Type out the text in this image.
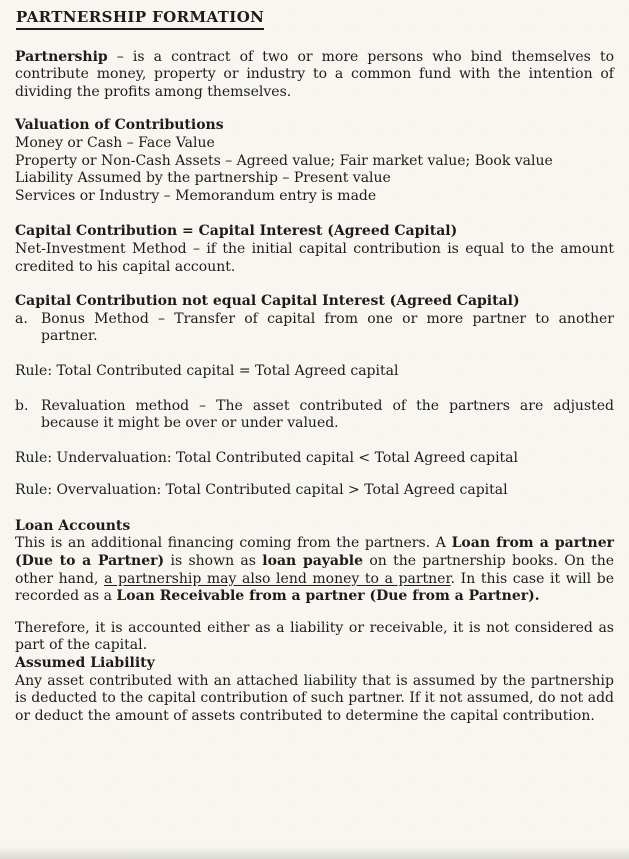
PARTNERSHIP FORMATION

Partnership – is a contract of two or more persons who bind themselves to contribute money, property or industry to a common fund with the intention of dividing the profits among themselves.

Valuation of Contributions
Money or Cash – Face Value
Property or Non-Cash Assets – Agreed value; Fair market value; Book value
Liability Assumed by the partnership – Present value
Services or Industry – Memorandum entry is made
Capital Contribution = Capital Interest (Agreed Capital)
Net-Investment Method – if the initial capital contribution is equal to the amount credited to his capital account.
Capital Contribution not equal Capital Interest (Agreed Capital)
a. Bonus Method – Transfer of capital from one or more partner to another partner.
Rule: Total Contributed capital = Total Agreed capital
b. Revaluation method – The asset contributed of the partners are adjusted because it might be over or under valued.
Rule: Undervaluation: Total Contributed capital < Total Agreed capital
Rule: Overvaluation: Total Contributed capital > Total Agreed capital
Loan Accounts

This is an additional financing coming from the partners. A Loan from a partner (Due to a Partner) is shown as loan payable on the partnership books. On the other hand, a partnership may also lend money to a partner. In this case it will be recorded as a Loan Receivable from a partner (Due from a Partner).

Therefore, it is accounted either as a liability or receivable, it is not considered as part of the capital.

Assumed Liability

Any asset contributed with an attached liability that is assumed by the partnership is deducted to the capital contribution of such partner. If it not assumed, do not add or deduct the amount of assets contributed to determine the capital contribution.
